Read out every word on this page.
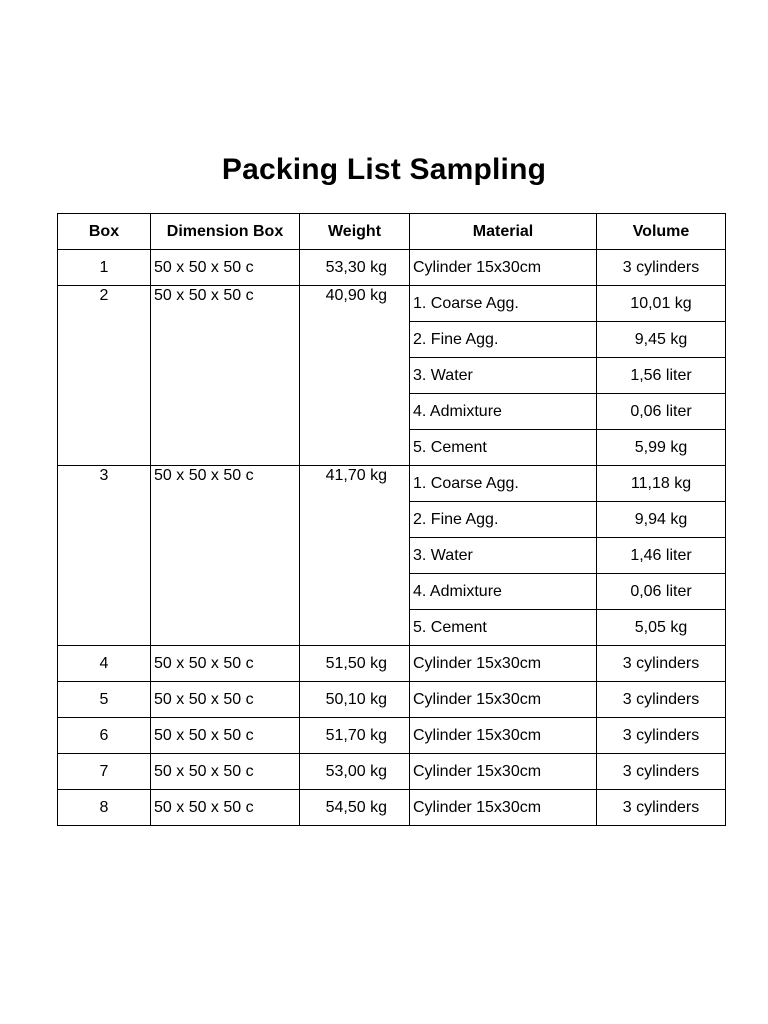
Packing List Sampling
Box	Dimension Box	Weight	Material	Volume
1	50 x 50 x 50 c	53,30 kg	Cylinder 15x30cm	3 cylinders
2	50 x 50 x 50 c	40,90 kg	1. Coarse Agg.	10,01 kg
			2. Fine Agg.	9,45 kg
			3. Water	1,56 liter
			4. Admixture	0,06 liter
			5. Cement	5,99 kg
3	50 x 50 x 50 c	41,70 kg	1. Coarse Agg.	11,18 kg
			2. Fine Agg.	9,94 kg
			3. Water	1,46 liter
			4. Admixture	0,06 liter
			5. Cement	5,05 kg
4	50 x 50 x 50 c	51,50 kg	Cylinder 15x30cm	3 cylinders
5	50 x 50 x 50 c	50,10 kg	Cylinder 15x30cm	3 cylinders
6	50 x 50 x 50 c	51,70 kg	Cylinder 15x30cm	3 cylinders
7	50 x 50 x 50 c	53,00 kg	Cylinder 15x30cm	3 cylinders
8	50 x 50 x 50 c	54,50 kg	Cylinder 15x30cm	3 cylinders
